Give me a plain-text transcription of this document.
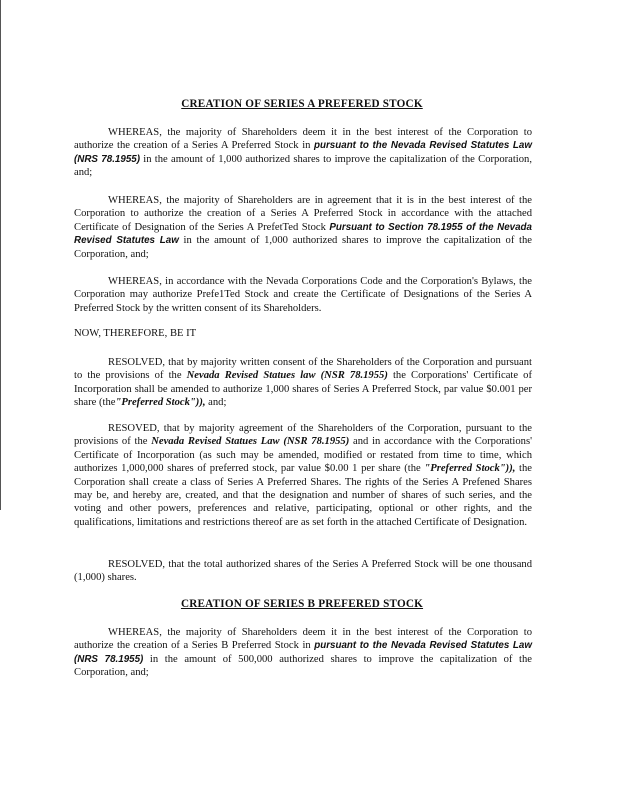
CREATION OF SERIES A PREFERED STOCK

WHEREAS, the majority of Shareholders deem it in the best interest of the Corporation to authorize the creation of a Series A Preferred Stock in pursuant to the Nevada Revised Statutes Law (NRS 78.1955) in the amount of 1,000 authorized shares to improve the capitalization of the Corporation, and;

WHEREAS, the majority of Shareholders are in agreement that it is in the best interest of the Corporation to authorize the creation of a Series A Preferred Stock in accordance with the attached Certificate of Designation of the Series A PrefetTed Stock Pursuant to Section 78.1955 of the Nevada Revised Statutes Law in the amount of 1,000 authorized shares to improve the capitalization of the Corporation, and;

WHEREAS, in accordance with the Nevada Corporations Code and the Corporation's Bylaws, the Corporation may authorize Prefe1Ted Stock and create the Certificate of Designations of the Series A Preferred Stock by the written consent of its Shareholders.

NOW, THEREFORE, BE IT

RESOLVED, that by majority written consent of the Shareholders of the Corporation and pursuant to the provisions of the Nevada Revised Statues law (NSR 78.1955) the Corporations' Certificate of Incorporation shall be amended to authorize 1,000 shares of Series A Preferred Stock, par value $0.001 per share (the"Preferred Stock")), and;

RESOVED, that by majority agreement of the Shareholders of the Corporation, pursuant to the provisions of the Nevada Revised Statues Law (NSR 78.1955) and in accordance with the Corporations' Certificate of Incorporation (as such may be amended, modified or restated from time to time, which authorizes 1,000,000 shares of preferred stock, par value $0.00 1 per share (the "Preferred Stock")), the Corporation shall create a class of Series A Preferred Shares. The rights of the Series A Prefened Shares may be, and hereby are, created, and that the designation and number of shares of such series, and the voting and other powers, preferences and relative, participating, optional or other rights, and the qualifications, limitations and restrictions thereof are as set forth in the attached Certificate of Designation.

RESOLVED, that the total authorized shares of the Series A Preferred Stock will be one thousand (1,000) shares.

CREATION OF SERIES B PREFERED STOCK

WHEREAS, the majority of Shareholders deem it in the best interest of the Corporation to authorize the creation of a Series B Preferred Stock in pursuant to the Nevada Revised Statutes Law (NRS 78.1955) in the amount of 500,000 authorized shares to improve the capitalization of the Corporation, and;
